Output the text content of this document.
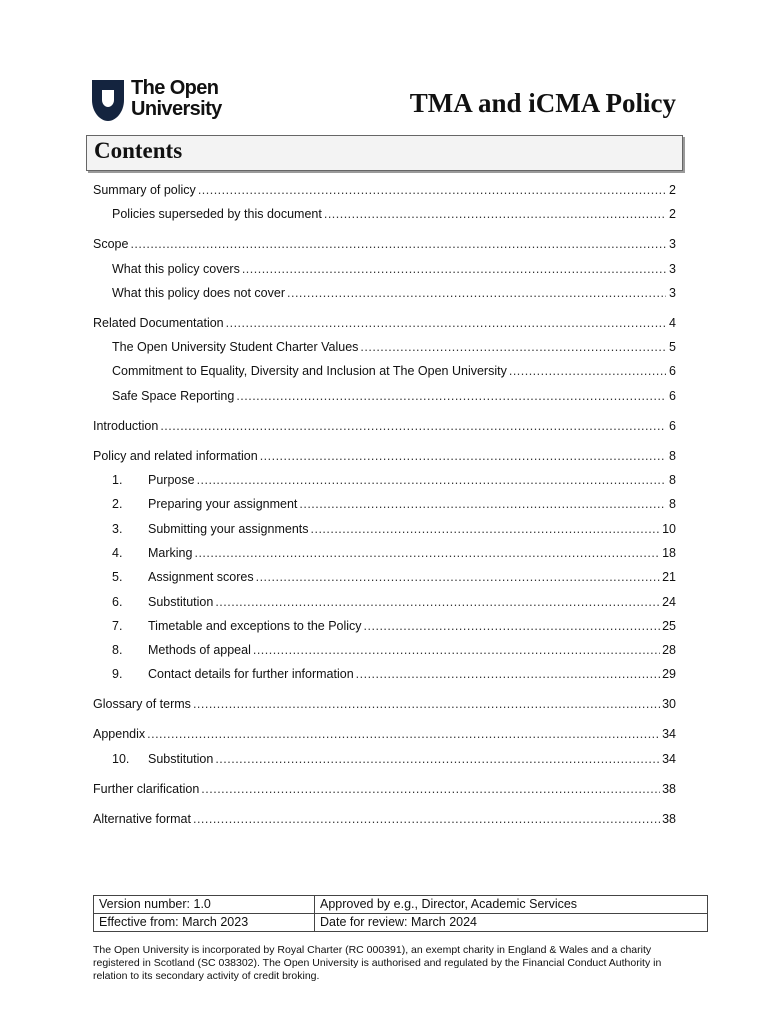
The Open
University	TMA and iCMA Policy
Contents
Summary of policy .....	2
Policies superseded by this document .....	2
Scope .....	3
What this policy covers .....	3
What this policy does not cover .....	3
Related Documentation .....	4
The Open University Student Charter Values .....	5
Commitment to Equality, Diversity and Inclusion at The Open University .....	6
Safe Space Reporting .....	6
Introduction .....	6
Policy and related information .....	8
1.	Purpose .....	8
2.	Preparing your assignment .....	8
3.	Submitting your assignments .....	10
4.	Marking .....	18
5.	Assignment scores .....	21
6.	Substitution .....	24
7.	Timetable and exceptions to the Policy .....	25
8.	Methods of appeal .....	28
9.	Contact details for further information .....	29
Glossary of terms .....	30
Appendix .....	34
10.	Substitution .....	34
Further clarification .....	38
Alternative format .....	38
Version number: 1.0	Approved by e.g., Director, Academic Services
Effective from: March 2023	Date for review: March 2024
The Open University is incorporated by Royal Charter (RC 000391), an exempt charity in England & Wales and a charity registered in Scotland (SC 038302). The Open University is authorised and regulated by the Financial Conduct Authority in relation to its secondary activity of credit broking.
